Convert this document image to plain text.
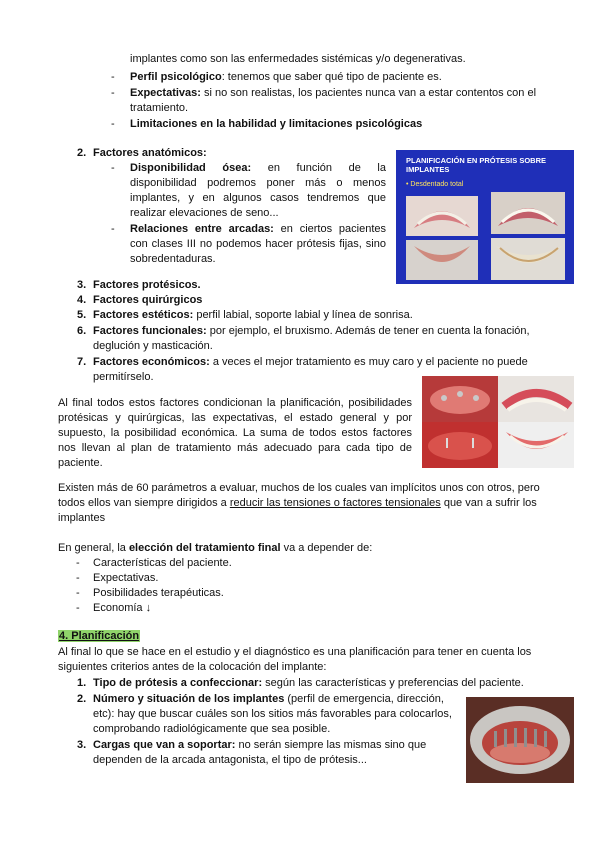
implantes como son las enfermedades sistémicas y/o degenerativas.
-	Perfil psicológico: tenemos que saber qué tipo de paciente es.
-	Expectativas: si no son realistas, los pacientes nunca van a estar contentos con el
tratamiento.
-	Limitaciones en la habilidad y limitaciones psicológicas
2. Factores anatómicos:
-	Disponibilidad ósea: en función de la
disponibilidad podremos poner más o menos
implantes, y en algunos casos tendremos que
realizar elevaciones de seno...
-	Relaciones entre arcadas: en ciertos pacientes
con clases III no podemos hacer prótesis fijas, sino
sobredentaduras.
PLANIFICACIÓN EN PRÓTESIS SOBRE
IMPLANTES
• Desdentado total
3. Factores protésicos.
4. Factores quirúrgicos
5. Factores estéticos: perfil labial, soporte labial y línea de sonrisa.
6. Factores funcionales: por ejemplo, el bruxismo. Además de tener en cuenta la fonación,
deglución y masticación.
7. Factores económicos: a veces el mejor tratamiento es muy caro y el paciente no puede
permitírselo.
Al final todos estos factores condicionan la planificación, posibilidades
protésicas y quirúrgicas, las expectativas, el estado general y por
supuesto, la posibilidad económica. La suma de todos estos factores
nos llevan al plan de tratamiento más adecuado para cada tipo de
paciente.
Existen más de 60 parámetros a evaluar, muchos de los cuales van implícitos unos con otros, pero
todos ellos van siempre dirigidos a reducir las tensiones o factores tensionales que van a sufrir los
implantes
En general, la elección del tratamiento final va a depender de:
-	Características del paciente.
-	Expectativas.
-	Posibilidades terapéuticas.
-	Economía ↓
4. Planificación
Al final lo que se hace en el estudio y el diagnóstico es una planificación para tener en cuenta los
siguientes criterios antes de la colocación del implante:
1. Tipo de prótesis a confeccionar: según las características y preferencias del paciente.
2. Número y situación de los implantes (perfil de emergencia, dirección,
etc): hay que buscar cuáles son los sitios más favorables para colocarlos,
comprobando radiológicamente que sea posible.
3. Cargas que van a soportar: no serán siempre las mismas sino que
dependen de la arcada antagonista, el tipo de prótesis...
